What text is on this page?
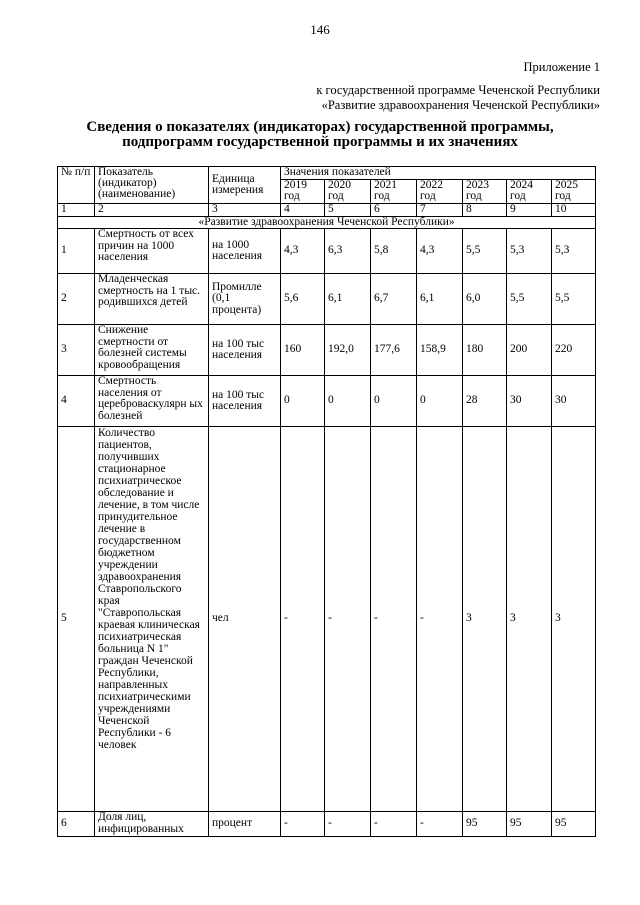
146
Приложение 1
к государственной программе Чеченской Республики
«Развитие здравоохранения Чеченской Республики»
Сведения о показателях (индикаторах) государственной программы,
подпрограмм государственной программы и их значениях
№ п/п	Показатель (индикатор) (наименование)	Единица измерения	Значения показателей						
			2019 год	2020 год	2021 год	2022 год	2023 год	2024 год	2025 год
1	2	3	4	5	6	7	8	9	10
«Развитие здравоохранения Чеченской Республики»									
1	Смертность от всех причин на 1000 населения	на 1000 населения	4,3	6,3	5,8	4,3	5,5	5,3	5,3
2	Младенческая смертность на 1 тыс. родившихся детей	Промилле (0,1 процента)	5,6	6,1	6,7	6,1	6,0	5,5	5,5
3	Снижение смертности от болезней системы кровообращения	на 100 тыс населения	160	192,0	177,6	158,9	180	200	220
4	Смертность населения от цереброваскулярн ых болезней	на 100 тыс населения	0	0	0	0	28	30	30
5	Количество пациентов, получивших стационарное психиатрическое обследование и лечение, в том числе принудительное лечение в государственном бюджетном учреждении здравоохранения Ставропольского края "Ставропольская краевая клиническая психиатрическая больница N 1" граждан Чеченской Республики, направленных психиатрическими учреждениями Чеченской Республики - 6 человек	чел	-	-	-	-	3	3	3
6	Доля лиц, инфицированных	процент	-	-	-	-	95	95	95
